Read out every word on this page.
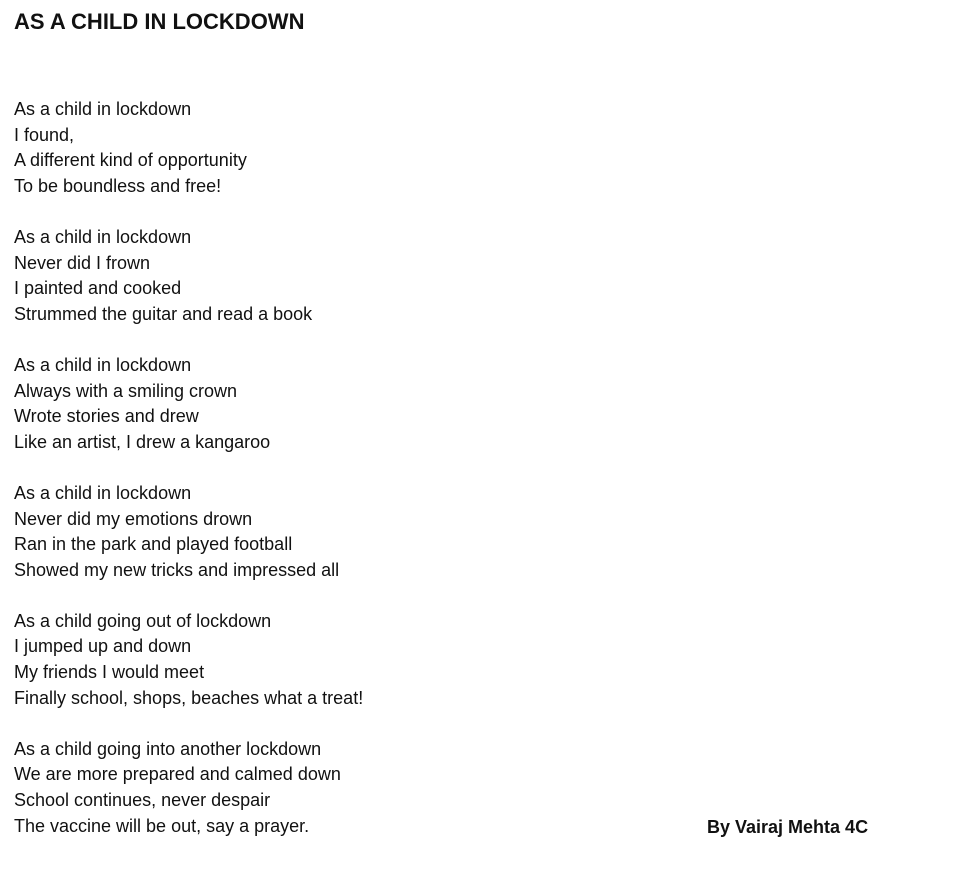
AS A CHILD IN LOCKDOWN
As a child in lockdown
I found,
A different kind of opportunity
To be boundless and free!
As a child in lockdown
Never did I frown
I painted and cooked
Strummed the guitar and read a book
As a child in lockdown
Always with a smiling crown
Wrote stories and drew
Like an artist, I drew a kangaroo
As a child in lockdown
Never did my emotions drown
Ran in the park and played football
Showed my new tricks and impressed all
As a child going out of lockdown
I jumped up and down
My friends I would meet
Finally school, shops, beaches what a treat!
As a child going into another lockdown
We are more prepared and calmed down
School continues, never despair
The vaccine will be out, say a prayer.	By Vairaj Mehta 4C
